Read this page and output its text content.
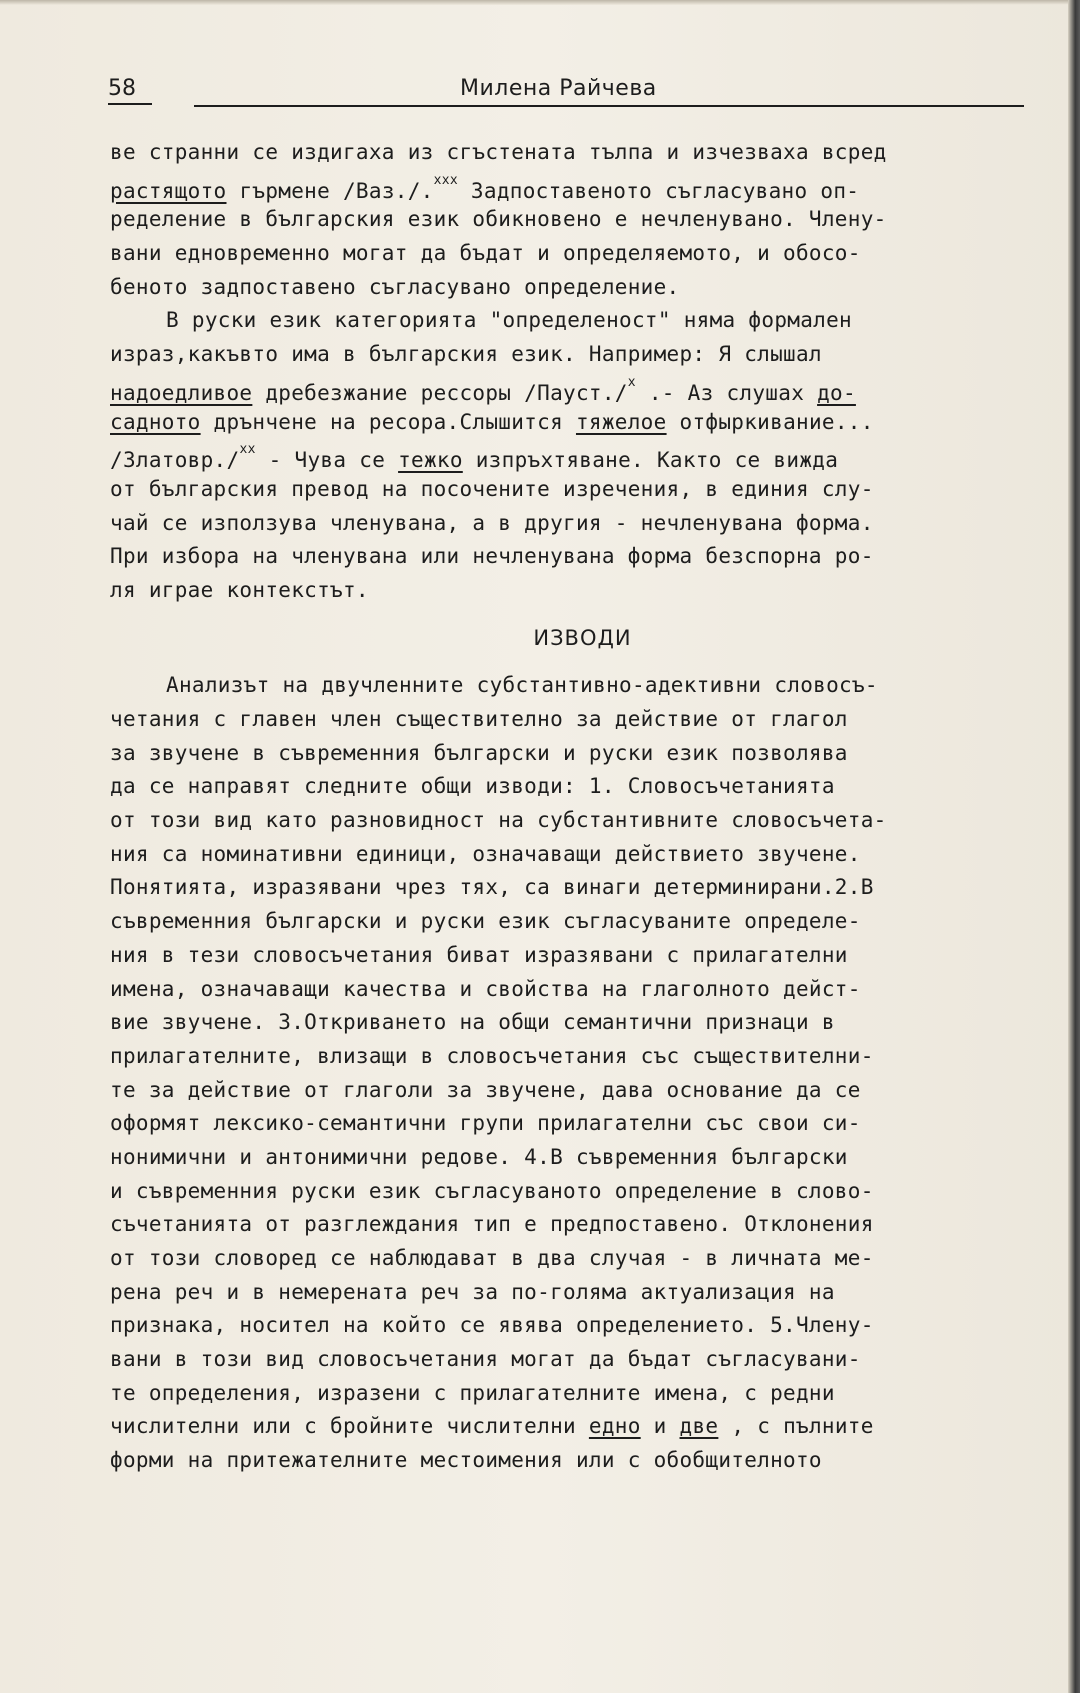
58	Милена Райчева
ве странни се издигаха из сгъстената тълпа и изчезваха всред
растящото гърмене /Ваз./.$^{xxx}$ Задпоставеното съгласувано оп-
ределение в българския език обикновено е нечленувано. Члену-
вани едновременно могат да бъдат и определяемото, и обосо-
беното задпоставено съгласувано определение.
В руски език категорията "определеност" няма формален
израз,какъвто има в българския език. Например: Я слышал
надоедливое дребезжание рессоры /Пауст./$^x$ .- Аз слушах до-
садното дрънчене на ресора.Слышится тяжелое отфыркивание...
/Златовр./$^{xx}$ - Чува се тежко изпръхтяване. Както се вижда
от българския превод на посочените изречения, в единия слу-
чай се използува членувана, а в другия - нечленувана форма.
При избора на членувана или нечленувана форма безспорна ро-
ля играе контекстът.
ИЗВОДИ
Анализът на двучленните субстантивно-адективни словосъ-
четания с главен член съществително за действие от глагол
за звучене в съвременния български и руски език позволява
да се направят следните общи изводи: 1. Словосъчетанията
от този вид като разновидност на субстантивните словосъчета-
ния са номинативни единици, означаващи действието звучене.
Понятията, изразявани чрез тях, са винаги детерминирани.2.В
съвременния български и руски език съгласуваните определе-
ния в тези словосъчетания биват изразявани с прилагателни
имена, означаващи качества и свойства на глаголното дейст-
вие звучене. 3.Откриването на общи семантични признаци в
прилагателните, влизащи в словосъчетания със съществителни-
те за действие от глаголи за звучене, дава основание да се
оформят лексико-семантични групи прилагателни със свои си-
нонимични и антонимични редове. 4.В съвременния български
и съвременния руски език съгласуваното определение в слово-
съчетанията от разглеждания тип е предпоставено. Отклонения
от този словоред се наблюдават в два случая - в личната ме-
рена реч и в немерената реч за по-голяма актуализация на
признака, носител на който се явява определението. 5.Члену-
вани в този вид словосъчетания могат да бъдат съгласувани-
те определения, изразени с прилагателните имена, с редни
числителни или с бройните числителни едно и две , с пълните
форми на притежателните местоимения или с обобщителното
